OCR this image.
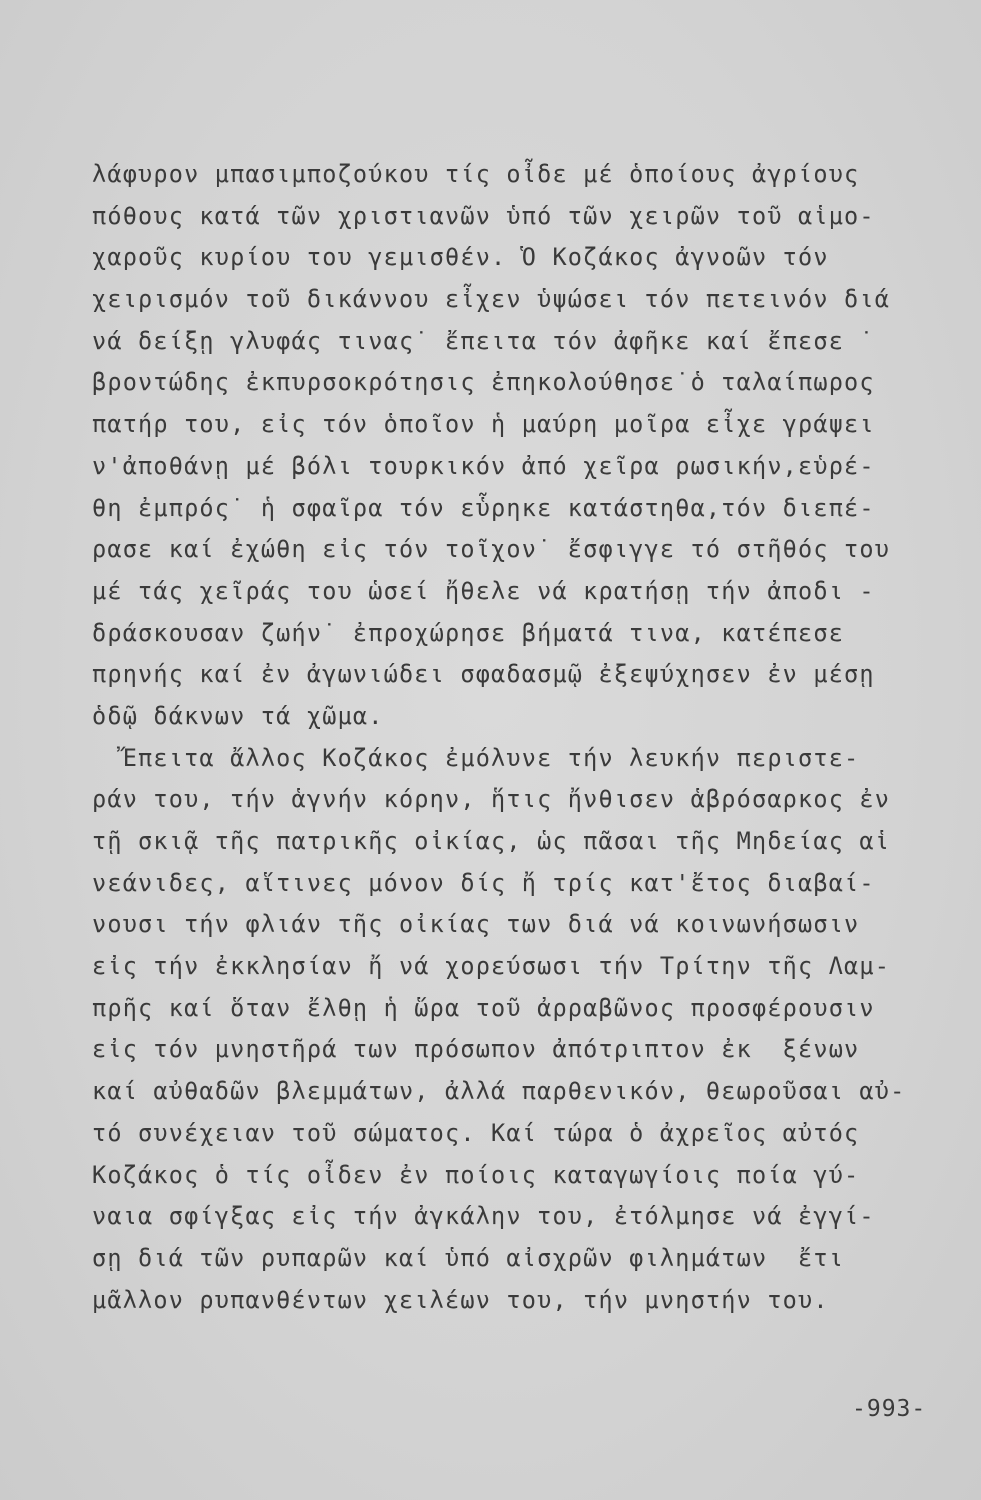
λάφυρον μπασιμποζούκου τίς οἶδε μέ ὁποίους ἀγρίους
πόθους κατά τῶν χριστιανῶν ὑπό τῶν χειρῶν τοῦ αἱμο-
χαροῦς κυρίου του γεμισθέν. Ὁ Κοζάκος ἀγνοῶν τόν
χειρισμόν τοῦ δικάννου εἶχεν ὑψώσει τόν πετεινόν διά
νά δείξῃ γλυφάς τινας˙ ἔπειτα τόν ἀφῆκε καί ἔπεσε ˙
βροντώδης ἐκπυρσοκρότησις ἐπηκολούθησε˙ὁ ταλαίπωρος
πατήρ του, εἰς τόν ὁποῖον ἡ μαύρη μοῖρα εἶχε γράψει
ν'ἀποθάνῃ μέ βόλι τουρκικόν ἀπό χεῖρα ρωσικήν,εὑρέ-
θη ἐμπρός˙ ἡ σφαῖρα τόν εὗρηκε κατάστηθα,τόν διεπέ-
ρασε καί ἐχώθη εἰς τόν τοῖχον˙ ἔσφιγγε τό στῆθός του
μέ τάς χεῖράς του ὡσεί ἤθελε νά κρατήσῃ τήν ἀποδι -
δράσκουσαν ζωήν˙ ἐπροχώρησε βήματά τινα, κατέπεσε
πρηνής καί ἐν ἀγωνιώδει σφαδασμῷ ἐξεψύχησεν ἐν μέσῃ
ὁδῷ δάκνων τά χῶμα.
Ἔπειτα ἄλλος Κοζάκος ἐμόλυνε τήν λευκήν περιστε-
ράν του, τήν ἁγνήν κόρην, ἥτις ἤνθισεν ἁβρόσαρκος ἐν
τῇ σκιᾷ τῆς πατρικῆς οἰκίας, ὡς πᾶσαι τῆς Μηδείας αἱ
νεάνιδες, αἵτινες μόνον δίς ἤ τρίς κατ'ἔτος διαβαί-
νουσι τήν φλιάν τῆς οἰκίας των διά νά κοινωνήσωσιν
εἰς τήν ἐκκλησίαν ἤ νά χορεύσωσι τήν Τρίτην τῆς Λαμ-
πρῆς καί ὅταν ἔλθῃ ἡ ὥρα τοῦ ἀρραβῶνος προσφέρουσιν
εἰς τόν μνηστῆρά των πρόσωπον ἀπότριπτον ἐκ  ξένων
καί αὐθαδῶν βλεμμάτων, ἀλλά παρθενικόν, θεωροῦσαι αὐ-
τό συνέχειαν τοῦ σώματος. Καί τώρα ὁ ἀχρεῖος αὐτός
Κοζάκος ὁ τίς οἶδεν ἐν ποίοις καταγωγίοις ποία γύ-
ναια σφίγξας εἰς τήν ἀγκάλην του, ἐτόλμησε νά ἐγγί-
σῃ διά τῶν ρυπαρῶν καί ὑπό αἰσχρῶν φιλημάτων  ἔτι
μᾶλλον ρυπανθέντων χειλέων του, τήν μνηστήν του.
-993-
